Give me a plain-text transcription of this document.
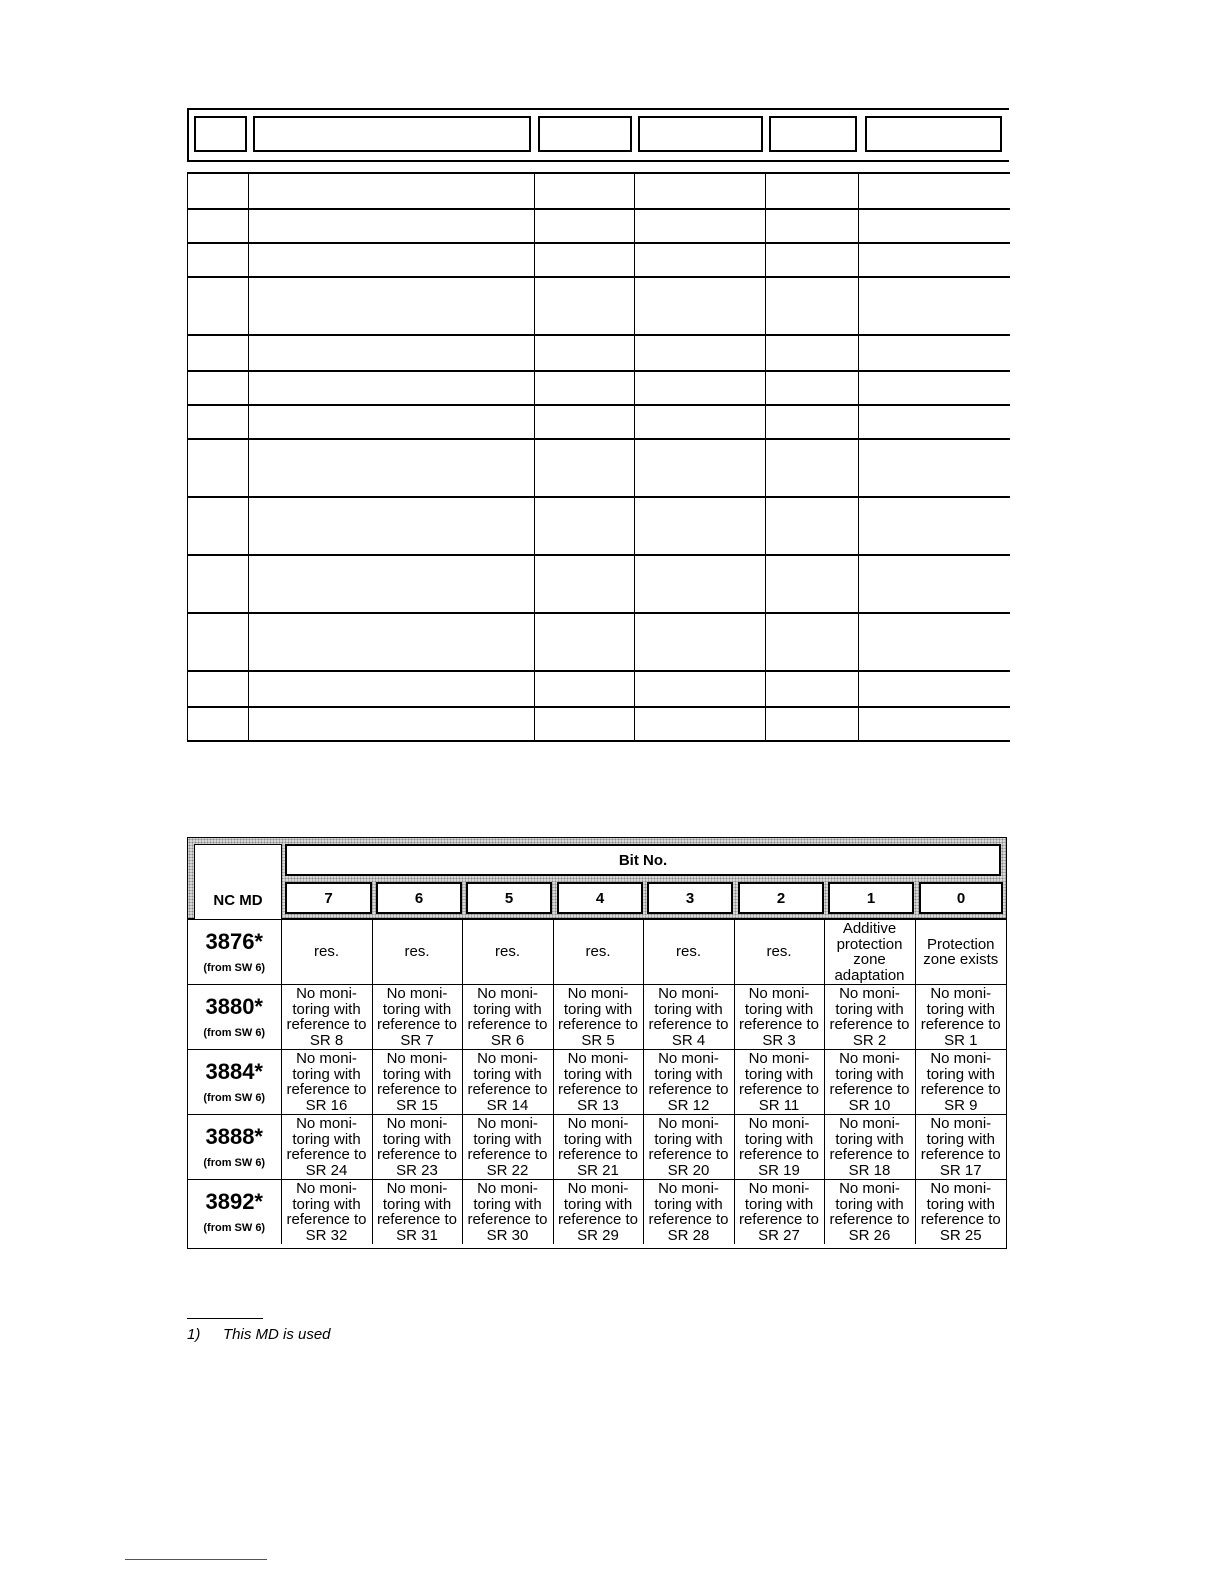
NC MD
Bit No.
7	6	5	4	3	2	1	0
3876*
(from SW 6)	res.	res.	res.	res.	res.	res.	Additive protection zone adaptation	Protection zone exists

3880*
(from SW 6)	No moni-
toring with
reference to
SR 8	No moni-
toring with
reference to
SR 7	No moni-
toring with
reference to
SR 6	No moni-
toring with
reference to
SR 5	No moni-
toring with
reference to
SR 4	No moni-
toring with
reference to
SR 3	No moni-
toring with
reference to
SR 2	No moni-
toring with
reference to
SR 1

3884*
(from SW 6)	No moni-
toring with
reference to
SR 16	No moni-
toring with
reference to
SR 15	No moni-
toring with
reference to
SR 14	No moni-
toring with
reference to
SR 13	No moni-
toring with
reference to
SR 12	No moni-
toring with
reference to
SR 11	No moni-
toring with
reference to
SR 10	No moni-
toring with
reference to
SR 9

3888*
(from SW 6)	No moni-
toring with
reference to
SR 24	No moni-
toring with
reference to
SR 23	No moni-
toring with
reference to
SR 22	No moni-
toring with
reference to
SR 21	No moni-
toring with
reference to
SR 20	No moni-
toring with
reference to
SR 19	No moni-
toring with
reference to
SR 18	No moni-
toring with
reference to
SR 17

3892*
(from SW 6)	No moni-
toring with
reference to
SR 32	No moni-
toring with
reference to
SR 31	No moni-
toring with
reference to
SR 30	No moni-
toring with
reference to
SR 29	No moni-
toring with
reference to
SR 28	No moni-
toring with
reference to
SR 27	No moni-
toring with
reference to
SR 26	No moni-
toring with
reference to
SR 25
1) This MD is used
